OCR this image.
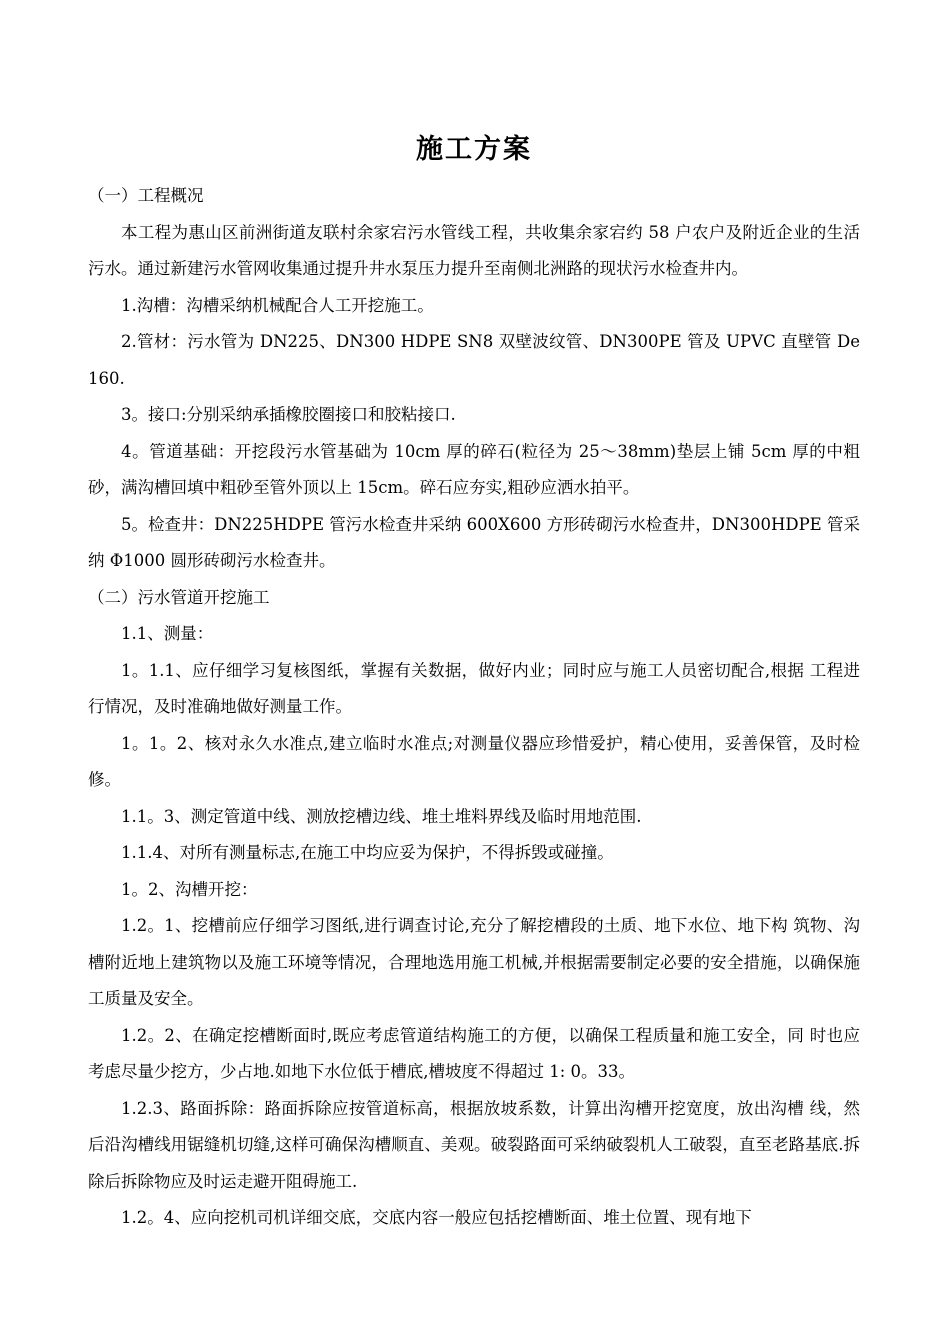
施工方案

（一）工程概况

本工程为惠山区前洲街道友联村余家宕污水管线工程，共收集余家宕约 58 户农户及附近企业的生活污水。通过新建污水管网收集通过提升井水泵压力提升至南侧北洲路的现状污水检查井内。

1.沟槽：沟槽采纳机械配合人工开挖施工。

2.管材：污水管为 DN225、DN300 HDPE SN8 双壁波纹管、DN300PE 管及 UPVC 直壁管 De160.

3。接口:分别采纳承插橡胶圈接口和胶粘接口.

4。管道基础：开挖段污水管基础为 10cm 厚的碎石(粒径为 25～38mm)垫层上铺 5cm 厚的中粗砂，满沟槽回填中粗砂至管外顶以上 15cm。碎石应夯实,粗砂应洒水拍平。

5。检查井：DN225HDPE 管污水检查井采纳 600X600 方形砖砌污水检查井，DN300HDPE 管采纳 Φ1000 圆形砖砌污水检查井。

（二）污水管道开挖施工

1.1、测量：

1。1.1、应仔细学习复核图纸，掌握有关数据，做好内业；同时应与施工人员密切配合,根据 工程进行情况，及时准确地做好测量工作。

1。1。2、核对永久水准点,建立临时水准点;对测量仪器应珍惜爱护，精心使用，妥善保管，及时检修。

1.1。3、测定管道中线、测放挖槽边线、堆土堆料界线及临时用地范围.

1.1.4、对所有测量标志,在施工中均应妥为保护，不得拆毁或碰撞。

1。2、沟槽开挖：

1.2。1、挖槽前应仔细学习图纸,进行调查讨论,充分了解挖槽段的土质、地下水位、地下构 筑物、沟槽附近地上建筑物以及施工环境等情况，合理地选用施工机械,并根据需要制定必要的安全措施，以确保施工质量及安全。

1.2。2、在确定挖槽断面时,既应考虑管道结构施工的方便，以确保工程质量和施工安全，同 时也应考虑尽量少挖方，少占地.如地下水位低于槽底,槽坡度不得超过 1: 0。33。

1.2.3、路面拆除：路面拆除应按管道标高，根据放坡系数，计算出沟槽开挖宽度，放出沟槽 线，然后沿沟槽线用锯缝机切缝,这样可确保沟槽顺直、美观。破裂路面可采纳破裂机人工破裂，直至老路基底.拆除后拆除物应及时运走避开阻碍施工.

1.2。4、应向挖机司机详细交底，交底内容一般应包括挖槽断面、堆土位置、现有地下
